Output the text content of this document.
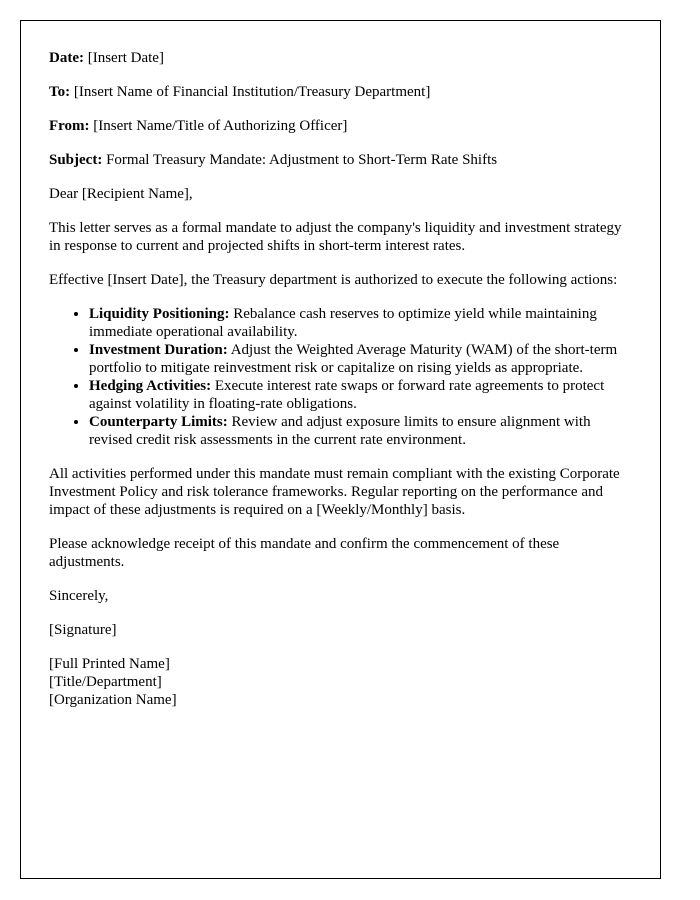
Date: [Insert Date]

To: [Insert Name of Financial Institution/Treasury Department]

From: [Insert Name/Title of Authorizing Officer]

Subject: Formal Treasury Mandate: Adjustment to Short-Term Rate Shifts

Dear [Recipient Name],

This letter serves as a formal mandate to adjust the company's liquidity and investment strategy in response to current and projected shifts in short-term interest rates.

Effective [Insert Date], the Treasury department is authorized to execute the following actions:

• Liquidity Positioning: Rebalance cash reserves to optimize yield while maintaining immediate operational availability.
• Investment Duration: Adjust the Weighted Average Maturity (WAM) of the short-term portfolio to mitigate reinvestment risk or capitalize on rising yields as appropriate.
• Hedging Activities: Execute interest rate swaps or forward rate agreements to protect against volatility in floating-rate obligations.
• Counterparty Limits: Review and adjust exposure limits to ensure alignment with revised credit risk assessments in the current rate environment.

All activities performed under this mandate must remain compliant with the existing Corporate Investment Policy and risk tolerance frameworks. Regular reporting on the performance and impact of these adjustments is required on a [Weekly/Monthly] basis.

Please acknowledge receipt of this mandate and confirm the commencement of these adjustments.

Sincerely,

[Signature]

[Full Printed Name]

[Title/Department]

[Organization Name]
